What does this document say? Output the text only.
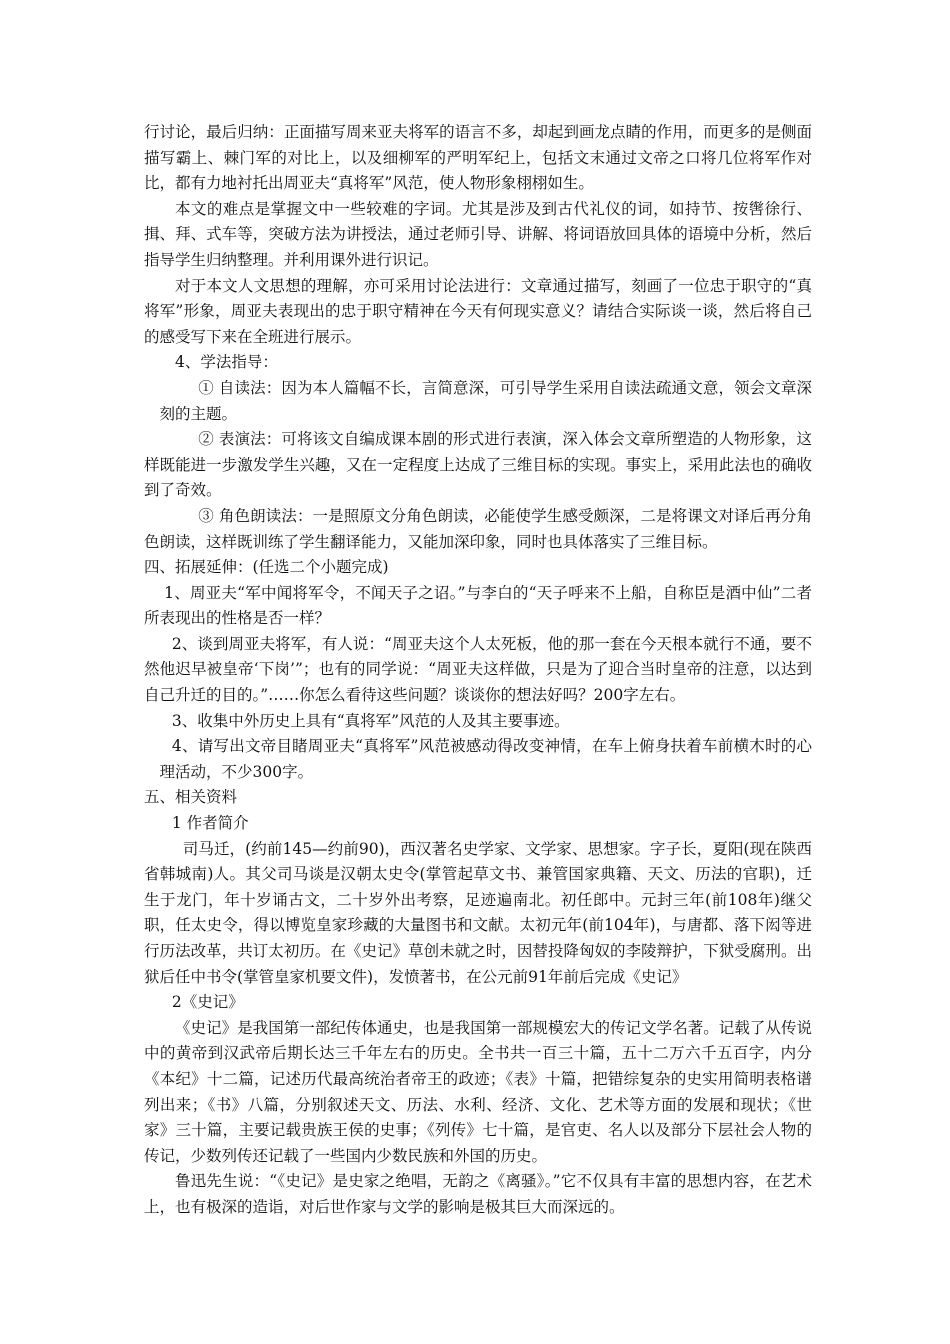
行讨论，最后归纳：正面描写周来亚夫将军的语言不多，却起到画龙点睛的作用，而更多的是侧面描写霸上、棘门军的对比上，以及细柳军的严明军纪上，包括文末通过文帝之口将几位将军作对比，都有力地衬托出周亚夫“真将军”风范，使人物形象栩栩如生。

本文的难点是掌握文中一些较难的字词。尤其是涉及到古代礼仪的词，如持节、按辔徐行、揖、拜、式车等，突破方法为讲授法，通过老师引导、讲解、将词语放回具体的语境中分析，然后指导学生归纳整理。并利用课外进行识记。

对于本文人文思想的理解，亦可采用讨论法进行：文章通过描写，刻画了一位忠于职守的“真将军”形象，周亚夫表现出的忠于职守精神在今天有何现实意义？请结合实际谈一谈，然后将自己的感受写下来在全班进行展示。

4、学法指导：

① 自读法：因为本人篇幅不长，言简意深，可引导学生采用自读法疏通文意，领会文章深刻的主题。

② 表演法：可将该文自编成课本剧的形式进行表演，深入体会文章所塑造的人物形象，这样既能进一步激发学生兴趣，又在一定程度上达成了三维目标的实现。事实上，采用此法也的确收到了奇效。

③ 角色朗读法：一是照原文分角色朗读，必能使学生感受颇深，二是将课文对译后再分角色朗读，这样既训练了学生翻译能力，又能加深印象，同时也具体落实了三维目标。

四、拓展延伸：(任选二个小题完成)

1、周亚夫“军中闻将军令，不闻天子之诏。”与李白的“天子呼来不上船，自称臣是酒中仙”二者所表现出的性格是否一样？

2、谈到周亚夫将军，有人说：“周亚夫这个人太死板，他的那一套在今天根本就行不通，要不然他迟早被皇帝‘下岗’”；也有的同学说：“周亚夫这样做，只是为了迎合当时皇帝的注意，以达到自己升迁的目的。”……你怎么看待这些问题？谈谈你的想法好吗？200字左右。

3、收集中外历史上具有“真将军”风范的人及其主要事迹。

4、请写出文帝目睹周亚夫“真将军”风范被感动得改变神情，在车上俯身扶着车前横木时的心理活动，不少300字。

五、相关资料

1 作者简介

司马迁，(约前145—约前90)，西汉著名史学家、文学家、思想家。字子长，夏阳(现在陕西省韩城南)人。其父司马谈是汉朝太史令(掌管起草文书、兼管国家典籍、天文、历法的官职)，迁生于龙门，年十岁诵古文，二十岁外出考察，足迹遍南北。初任郎中。元封三年(前108年)继父职，任太史令，得以博览皇家珍藏的大量图书和文献。太初元年(前104年)，与唐都、落下闳等进行历法改革，共订太初历。在《史记》草创未就之时，因替投降匈奴的李陵辩护，下狱受腐刑。出狱后任中书令(掌管皇家机要文件)，发愤著书，在公元前91年前后完成《史记》

2《史记》

《史记》是我国第一部纪传体通史，也是我国第一部规模宏大的传记文学名著。记载了从传说中的黄帝到汉武帝后期长达三千年左右的历史。全书共一百三十篇，五十二万六千五百字，内分《本纪》十二篇，记述历代最高统治者帝王的政迹；《表》十篇，把错综复杂的史实用简明表格谱列出来；《书》八篇，分别叙述天文、历法、水利、经济、文化、艺术等方面的发展和现状；《世家》三十篇，主要记载贵族王侯的史事；《列传》七十篇，是官吏、名人以及部分下层社会人物的传记，少数列传还记载了一些国内少数民族和外国的历史。

鲁迅先生说：“《史记》是史家之绝唱，无韵之《离骚》。”它不仅具有丰富的思想内容，在艺术上，也有极深的造诣，对后世作家与文学的影响是极其巨大而深远的。
